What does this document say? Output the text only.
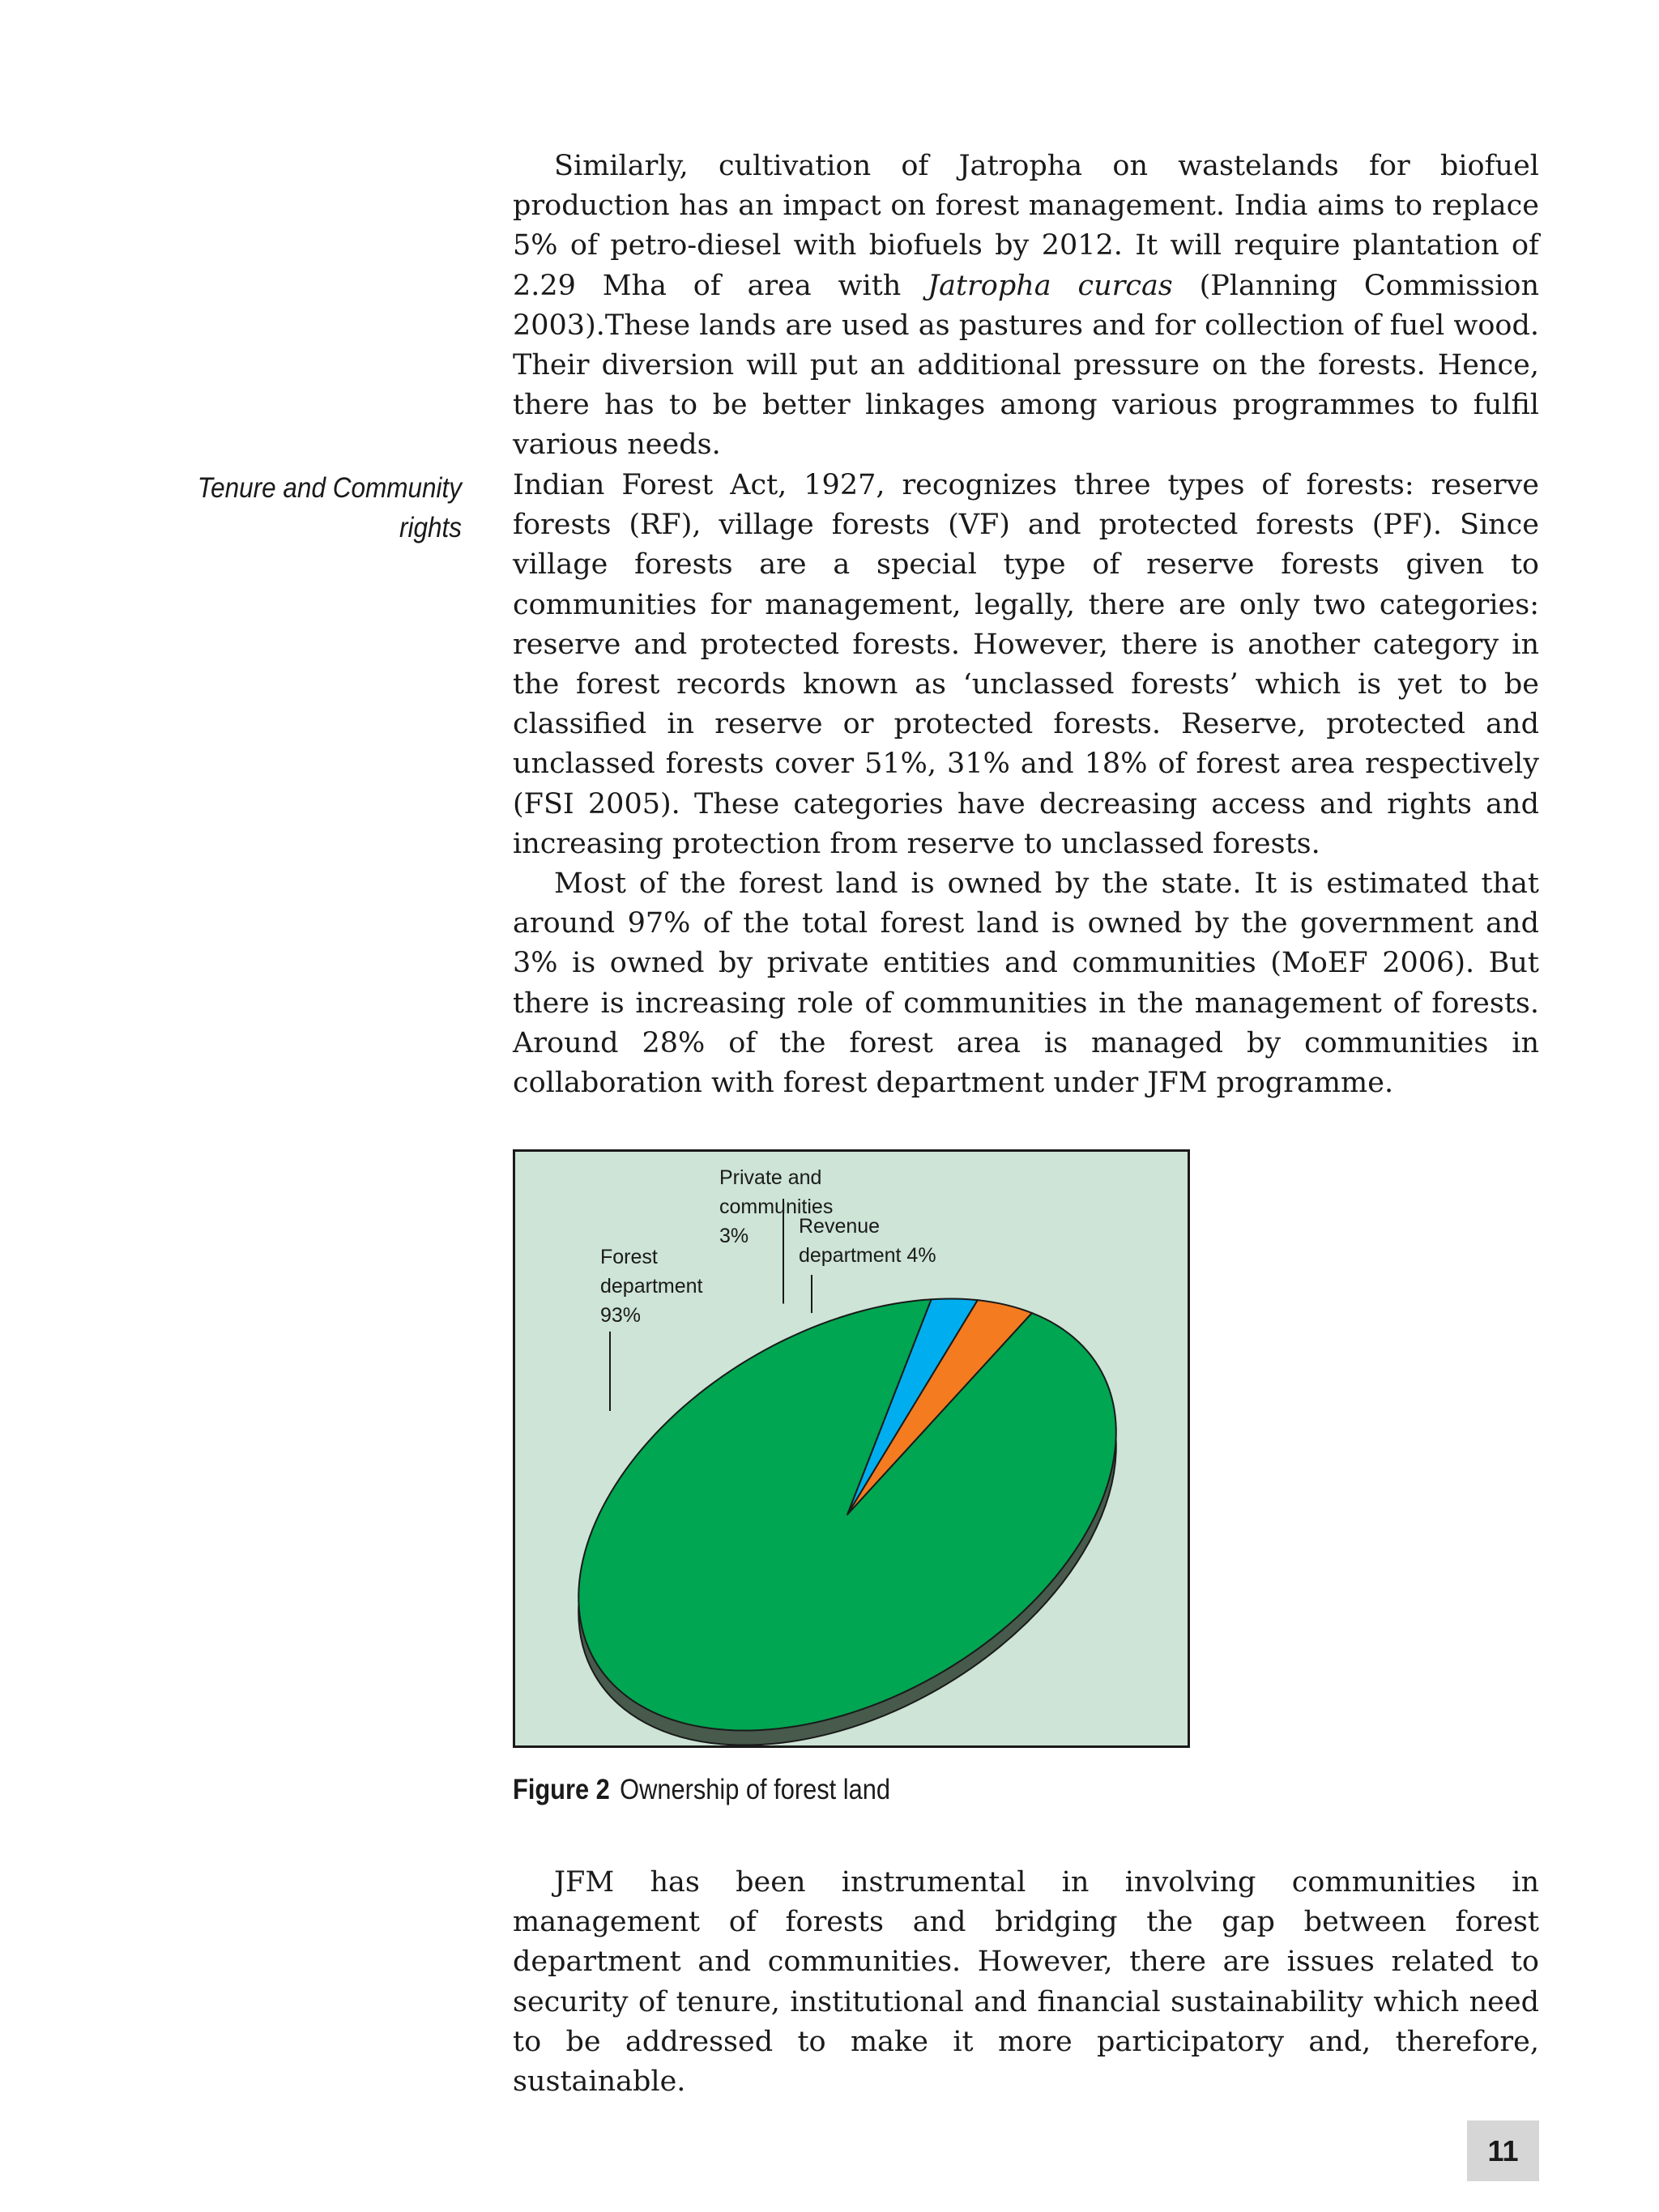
Similarly, cultivation of Jatropha on wastelands for biofuel production has an impact on forest management. India aims to replace 5% of petro-diesel with biofuels by 2012. It will require plantation of 2.29 Mha of area with Jatropha curcas (Planning Commission 2003).These lands are used as pastures and for collection of fuel wood. Their diversion will put an additional pressure on the forests. Hence, there has to be better linkages among various programmes to fulfil various needs.

Tenure and Community rights

Indian Forest Act, 1927, recognizes three types of forests: reserve forests (RF), village forests (VF) and protected forests (PF). Since village forests are a special type of reserve forests given to communities for management, legally, there are only two categories: reserve and protected forests. However, there is another category in the forest records known as ‘unclassed forests’ which is yet to be classified in reserve or protected forests. Reserve, protected and unclassed forests cover 51%, 31% and 18% of forest area respectively (FSI 2005). These categories have decreasing access and rights and increasing protection from reserve to unclassed forests.

Most of the forest land is owned by the state. It is estimated that around 97% of the total forest land is owned by the government and 3% is owned by private entities and communities (MoEF 2006). But there is increasing role of communities in the management of forests. Around 28% of the forest area is managed by communities in collaboration with forest department under JFM programme.

Private and communities 3%	Revenue department 4%
Forest department 93%
Figure 2 Ownership of forest land

JFM has been instrumental in involving communities in management of forests and bridging the gap between forest department and communities. However, there are issues related to security of tenure, institutional and financial sustainability which need to be addressed to make it more participatory and, therefore, sustainable.

11
